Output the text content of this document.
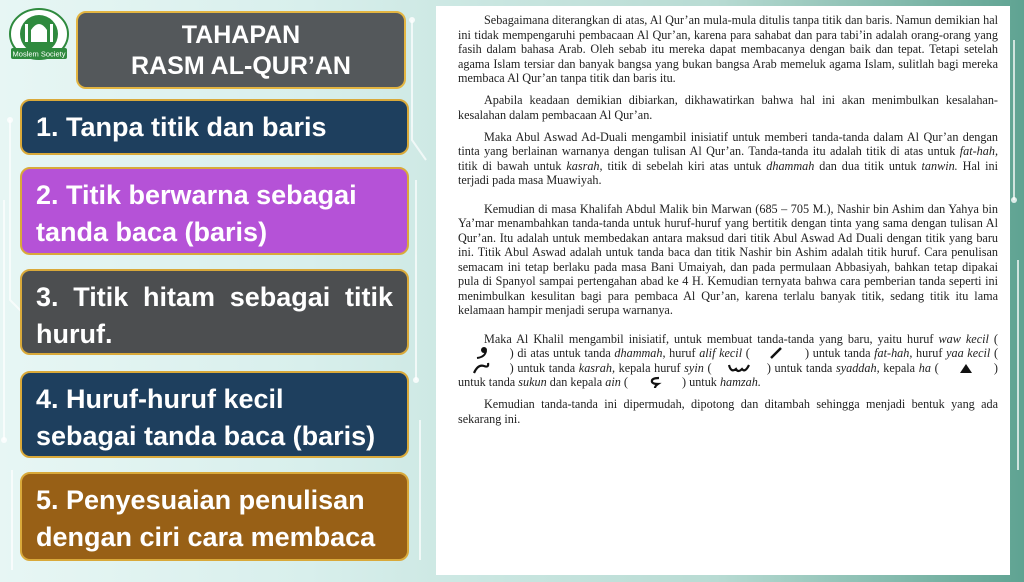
Moslem Society
TAHAPAN
RASM AL-QUR’AN
1. Tanpa titik dan baris
2. Titik berwarna sebagai
tanda baca (baris)
3. Titik hitam sebagai titik
huruf.
4. Huruf-huruf kecil
sebagai tanda baca (baris)
5. Penyesuaian penulisan
dengan ciri cara membaca

Sebagaimana diterangkan di atas, Al Qur’an mula-mula ditulis tanpa titik dan baris. Namun demikian hal ini tidak mempengaruhi pembacaan Al Qur’an, karena para sahabat dan para tabi’in adalah orang-orang yang fasih dalam bahasa Arab. Oleh sebab itu mereka dapat membacanya dengan baik dan tepat. Tetapi setelah agama Islam tersiar dan banyak bangsa yang bukan bangsa Arab memeluk agama Islam, sulitlah bagi mereka membaca Al Qur’an tanpa titik dan baris itu.

Apabila keadaan demikian dibiarkan, dikhawatirkan bahwa hal ini akan menimbulkan kesalahan-kesalahan dalam pembacaan Al Qur’an.

Maka Abul Aswad Ad-Duali mengambil inisiatif untuk memberi tanda-tanda dalam Al Qur’an dengan tinta yang berlainan warnanya dengan tulisan Al Qur’an. Tanda-tanda itu adalah titik di atas untuk fat-hah, titik di bawah untuk kasrah, titik di sebelah kiri atas untuk dhammah dan dua titik untuk tanwin. Hal ini terjadi pada masa Muawiyah.

Kemudian di masa Khalifah Abdul Malik bin Marwan (685 – 705 M.), Nashir bin Ashim dan Yahya bin Ya’mar menambahkan tanda-tanda untuk huruf-huruf yang bertitik dengan tinta yang sama dengan tulisan Al Qur’an. Itu adalah untuk membedakan antara maksud dari titik Abul Aswad Ad Duali dengan titik yang baru ini. Titik Abul Aswad adalah untuk tanda baca dan titik Nashir bin Ashim adalah titik huruf. Cara penulisan semacam ini tetap berlaku pada masa Bani Umaiyah, dan pada permulaan Abbasiyah, bahkan tetap dipakai pula di Spanyol sampai pertengahan abad ke 4 H. Kemudian ternyata bahwa cara pemberian tanda seperti ini menimbulkan kesulitan bagi para pembaca Al Qur’an, karena terlalu banyak titik, sedang titik itu lama kelamaan hampir menjadi serupa warnanya.

Maka Al Khalil mengambil inisiatif, untuk membuat tanda-tanda yang baru, yaitu huruf waw kecil (  ) di atas untuk tanda dhammah, huruf alif kecil (	) untuk tanda fat-hah, huruf yaa kecil (  ) untuk tanda kasrah, kepala huruf syin (	) untuk tanda syaddah, kepala ha (	) untuk tanda sukun dan kepala ain (	) untuk hamzah.

Kemudian tanda-tanda ini dipermudah, dipotong dan ditambah sehingga menjadi bentuk yang ada sekarang ini.
